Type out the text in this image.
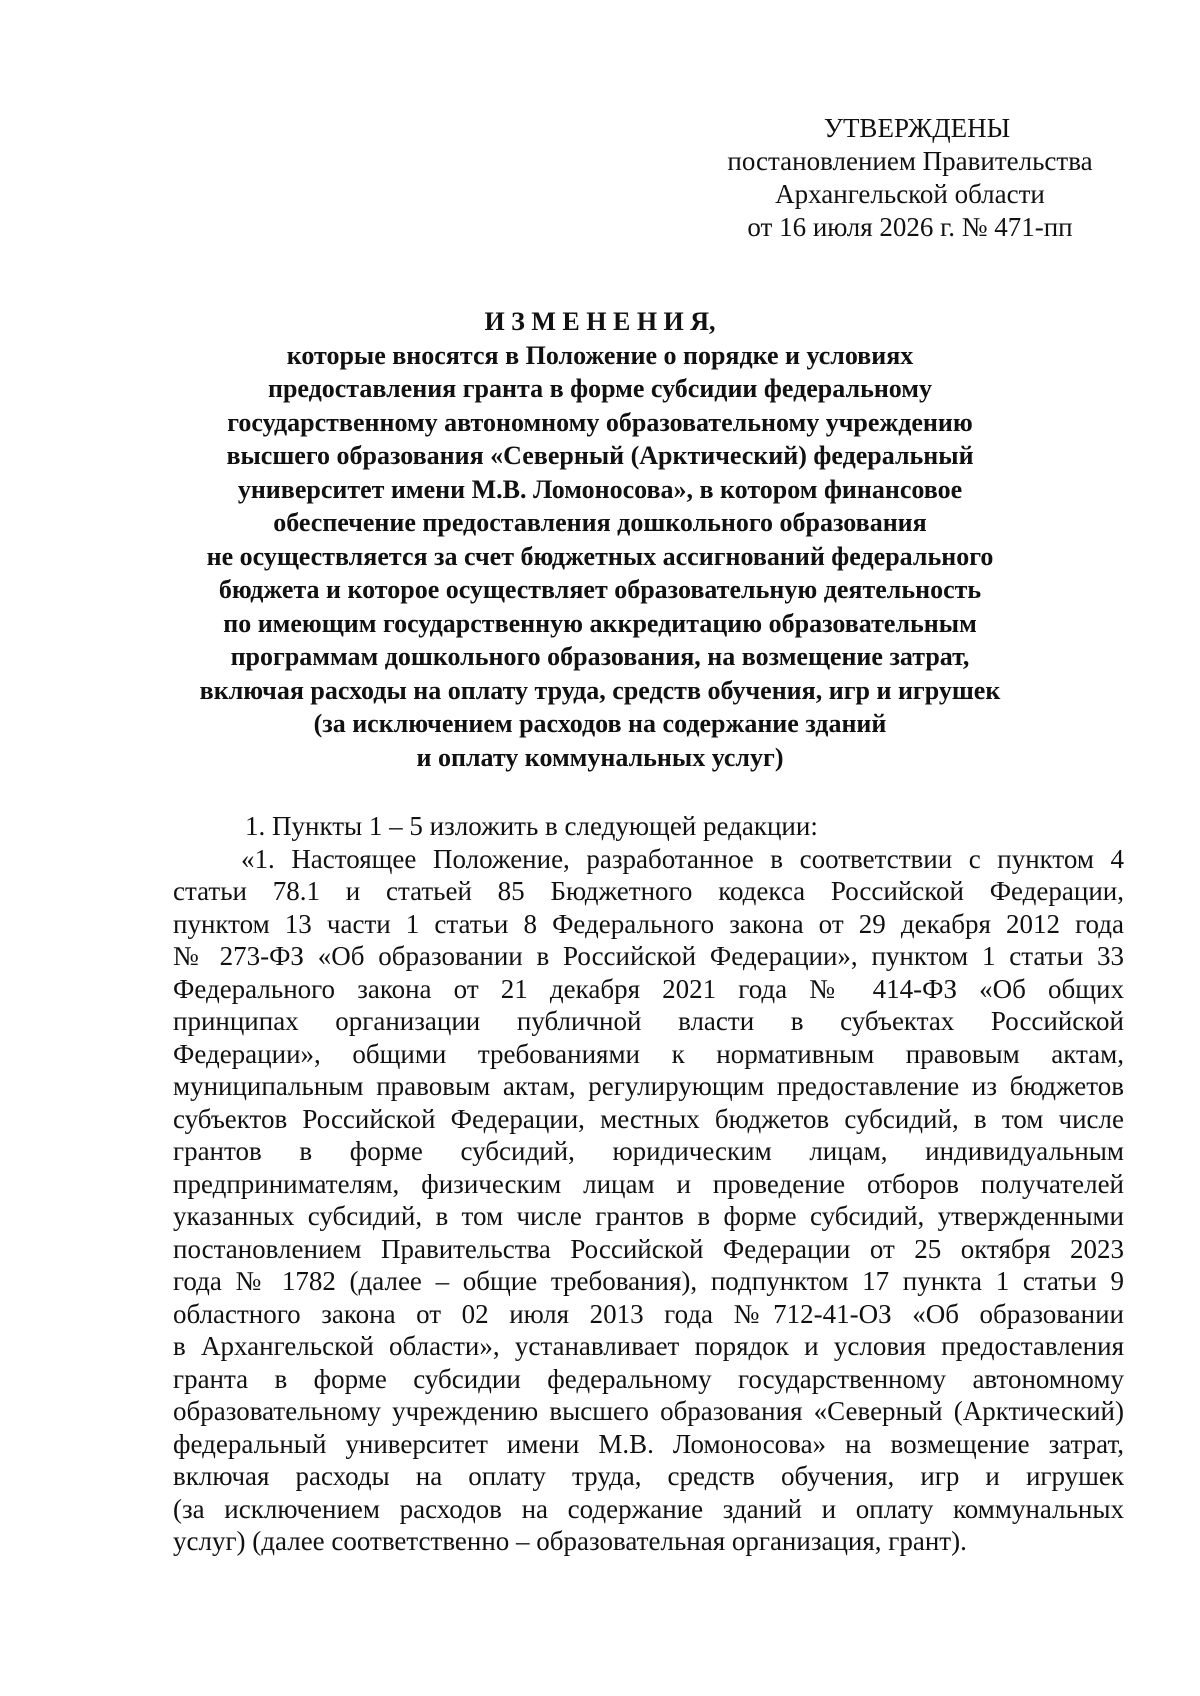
УТВЕРЖДЕНЫ
постановлением Правительства
Архангельской области
от 16 июля 2026 г. № 471-пп
И З М Е Н Е Н И Я,
которые вносятся в Положение о порядке и условиях
предоставления гранта в форме субсидии федеральному
государственному автономному образовательному учреждению
высшего образования «Северный (Арктический) федеральный
университет имени М.В. Ломоносова», в котором финансовое
обеспечение предоставления дошкольного образования
не осуществляется за счет бюджетных ассигнований федерального
бюджета и которое осуществляет образовательную деятельность
по имеющим государственную аккредитацию образовательным
программам дошкольного образования, на возмещение затрат,
включая расходы на оплату труда, средств обучения, игр и игрушек
(за исключением расходов на содержание зданий
и оплату коммунальных услуг)
1. Пункты 1 – 5 изложить в следующей редакции:
«1. Настоящее Положение, разработанное в соответствии с пунктом 4
статьи 78.1 и статьей 85 Бюджетного кодекса Российской Федерации,
пунктом 13 части 1 статьи 8 Федерального закона от 29 декабря 2012 года
№ 273-ФЗ «Об образовании в Российской Федерации», пунктом 1 статьи 33
Федерального закона от 21 декабря 2021 года № 414-ФЗ «Об общих
принципах организации публичной власти в субъектах Российской
Федерации», общими требованиями к нормативным правовым актам,
муниципальным правовым актам, регулирующим предоставление из бюджетов
субъектов Российской Федерации, местных бюджетов субсидий, в том числе
грантов в форме субсидий, юридическим лицам, индивидуальным
предпринимателям, физическим лицам и проведение отборов получателей
указанных субсидий, в том числе грантов в форме субсидий, утвержденными
постановлением Правительства Российской Федерации от 25 октября 2023
года № 1782 (далее – общие требования), подпунктом 17 пункта 1 статьи 9
областного закона от 02 июля 2013 года №712-41-ОЗ «Об образовании
в Архангельской области», устанавливает порядок и условия предоставления
гранта в форме субсидии федеральному государственному автономному
образовательному учреждению высшего образования «Северный (Арктический)
федеральный университет имени М.В. Ломоносова» на возмещение затрат,
включая расходы на оплату труда, средств обучения, игр и игрушек
(за исключением расходов на содержание зданий и оплату коммунальных
услуг) (далее соответственно – образовательная организация, грант).
